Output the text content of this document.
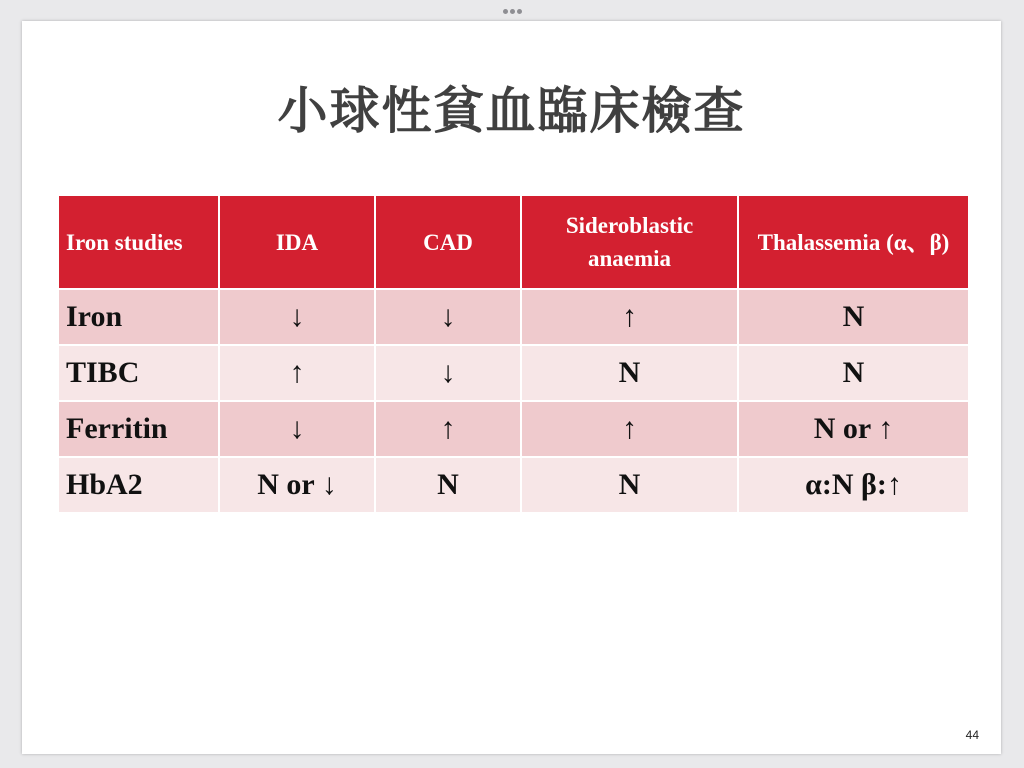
小球性貧血臨床檢查
Iron studies	IDA	CAD	Sideroblastic anaemia	Thalassemia (α、β)
Iron	↓	↓	↑	N
TIBC	↑	↓	N	N
Ferritin	↓	↑	↑	N or ↑
HbA2	N or ↓	N	N	α:N β:↑
44
